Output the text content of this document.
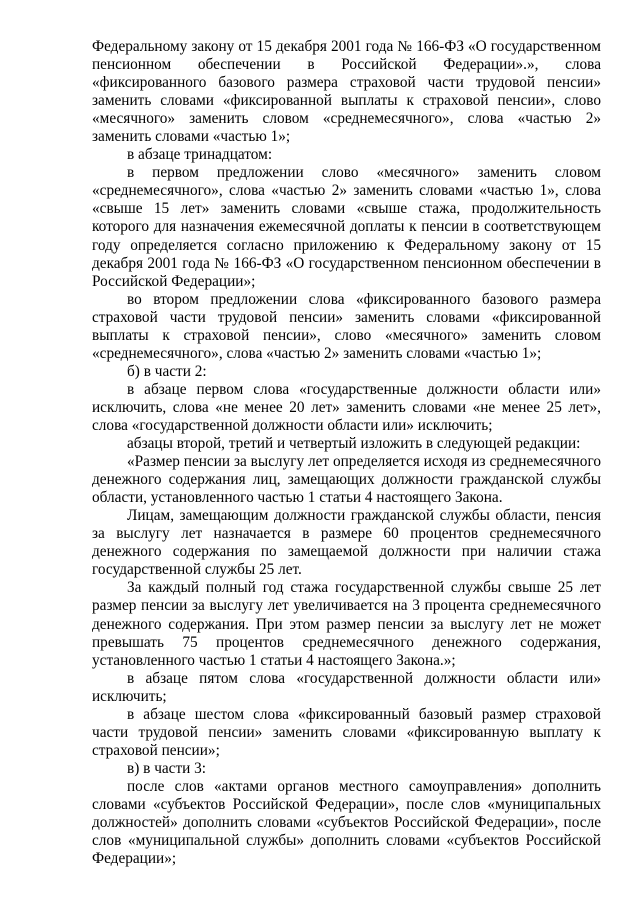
Федеральному закону от 15 декабря 2001 года № 166-ФЗ «О государственном пенсионном обеспечении в Российской Федерации».», слова «фиксированного базового размера страховой части трудовой пенсии» заменить словами «фиксированной выплаты к страховой пенсии», слово «месячного» заменить словом «среднемесячного», слова «частью 2» заменить словами «частью 1»;

в абзаце тринадцатом:

в первом предложении слово «месячного» заменить словом «среднемесячного», слова «частью 2» заменить словами «частью 1», слова «свыше 15 лет» заменить словами «свыше стажа, продолжительность которого для назначения ежемесячной доплаты к пенсии в соответствующем году определяется согласно приложению к Федеральному закону от 15 декабря 2001 года № 166-ФЗ «О государственном пенсионном обеспечении в Российской Федерации»;

во втором предложении слова «фиксированного базового размера страховой части трудовой пенсии» заменить словами «фиксированной выплаты к страховой пенсии», слово «месячного» заменить словом «среднемесячного», слова «частью 2» заменить словами «частью 1»;

б) в части 2:

в абзаце первом слова «государственные должности области или» исключить, слова «не менее 20 лет» заменить словами «не менее 25 лет», слова «государственной должности области или» исключить;

абзацы второй, третий и четвертый изложить в следующей редакции:

«Размер пенсии за выслугу лет определяется исходя из среднемесячного денежного содержания лиц, замещающих должности гражданской службы области, установленного частью 1 статьи 4 настоящего Закона.

Лицам, замещающим должности гражданской службы области, пенсия за выслугу лет назначается в размере 60 процентов среднемесячного денежного содержания по замещаемой должности при наличии стажа государственной службы 25 лет.

За каждый полный год стажа государственной службы свыше 25 лет размер пенсии за выслугу лет увеличивается на 3 процента среднемесячного денежного содержания. При этом размер пенсии за выслугу лет не может превышать 75 процентов среднемесячного денежного содержания, установленного частью 1 статьи 4 настоящего Закона.»;

в абзаце пятом слова «государственной должности области или» исключить;

в абзаце шестом слова «фиксированный базовый размер страховой части трудовой пенсии» заменить словами «фиксированную выплату к страховой пенсии»;

в) в части 3:

после слов «актами органов местного самоуправления» дополнить словами «субъектов Российской Федерации», после слов «муниципальных должностей» дополнить словами «субъектов Российской Федерации», после слов «муниципальной службы» дополнить словами «субъектов Российской Федерации»;
